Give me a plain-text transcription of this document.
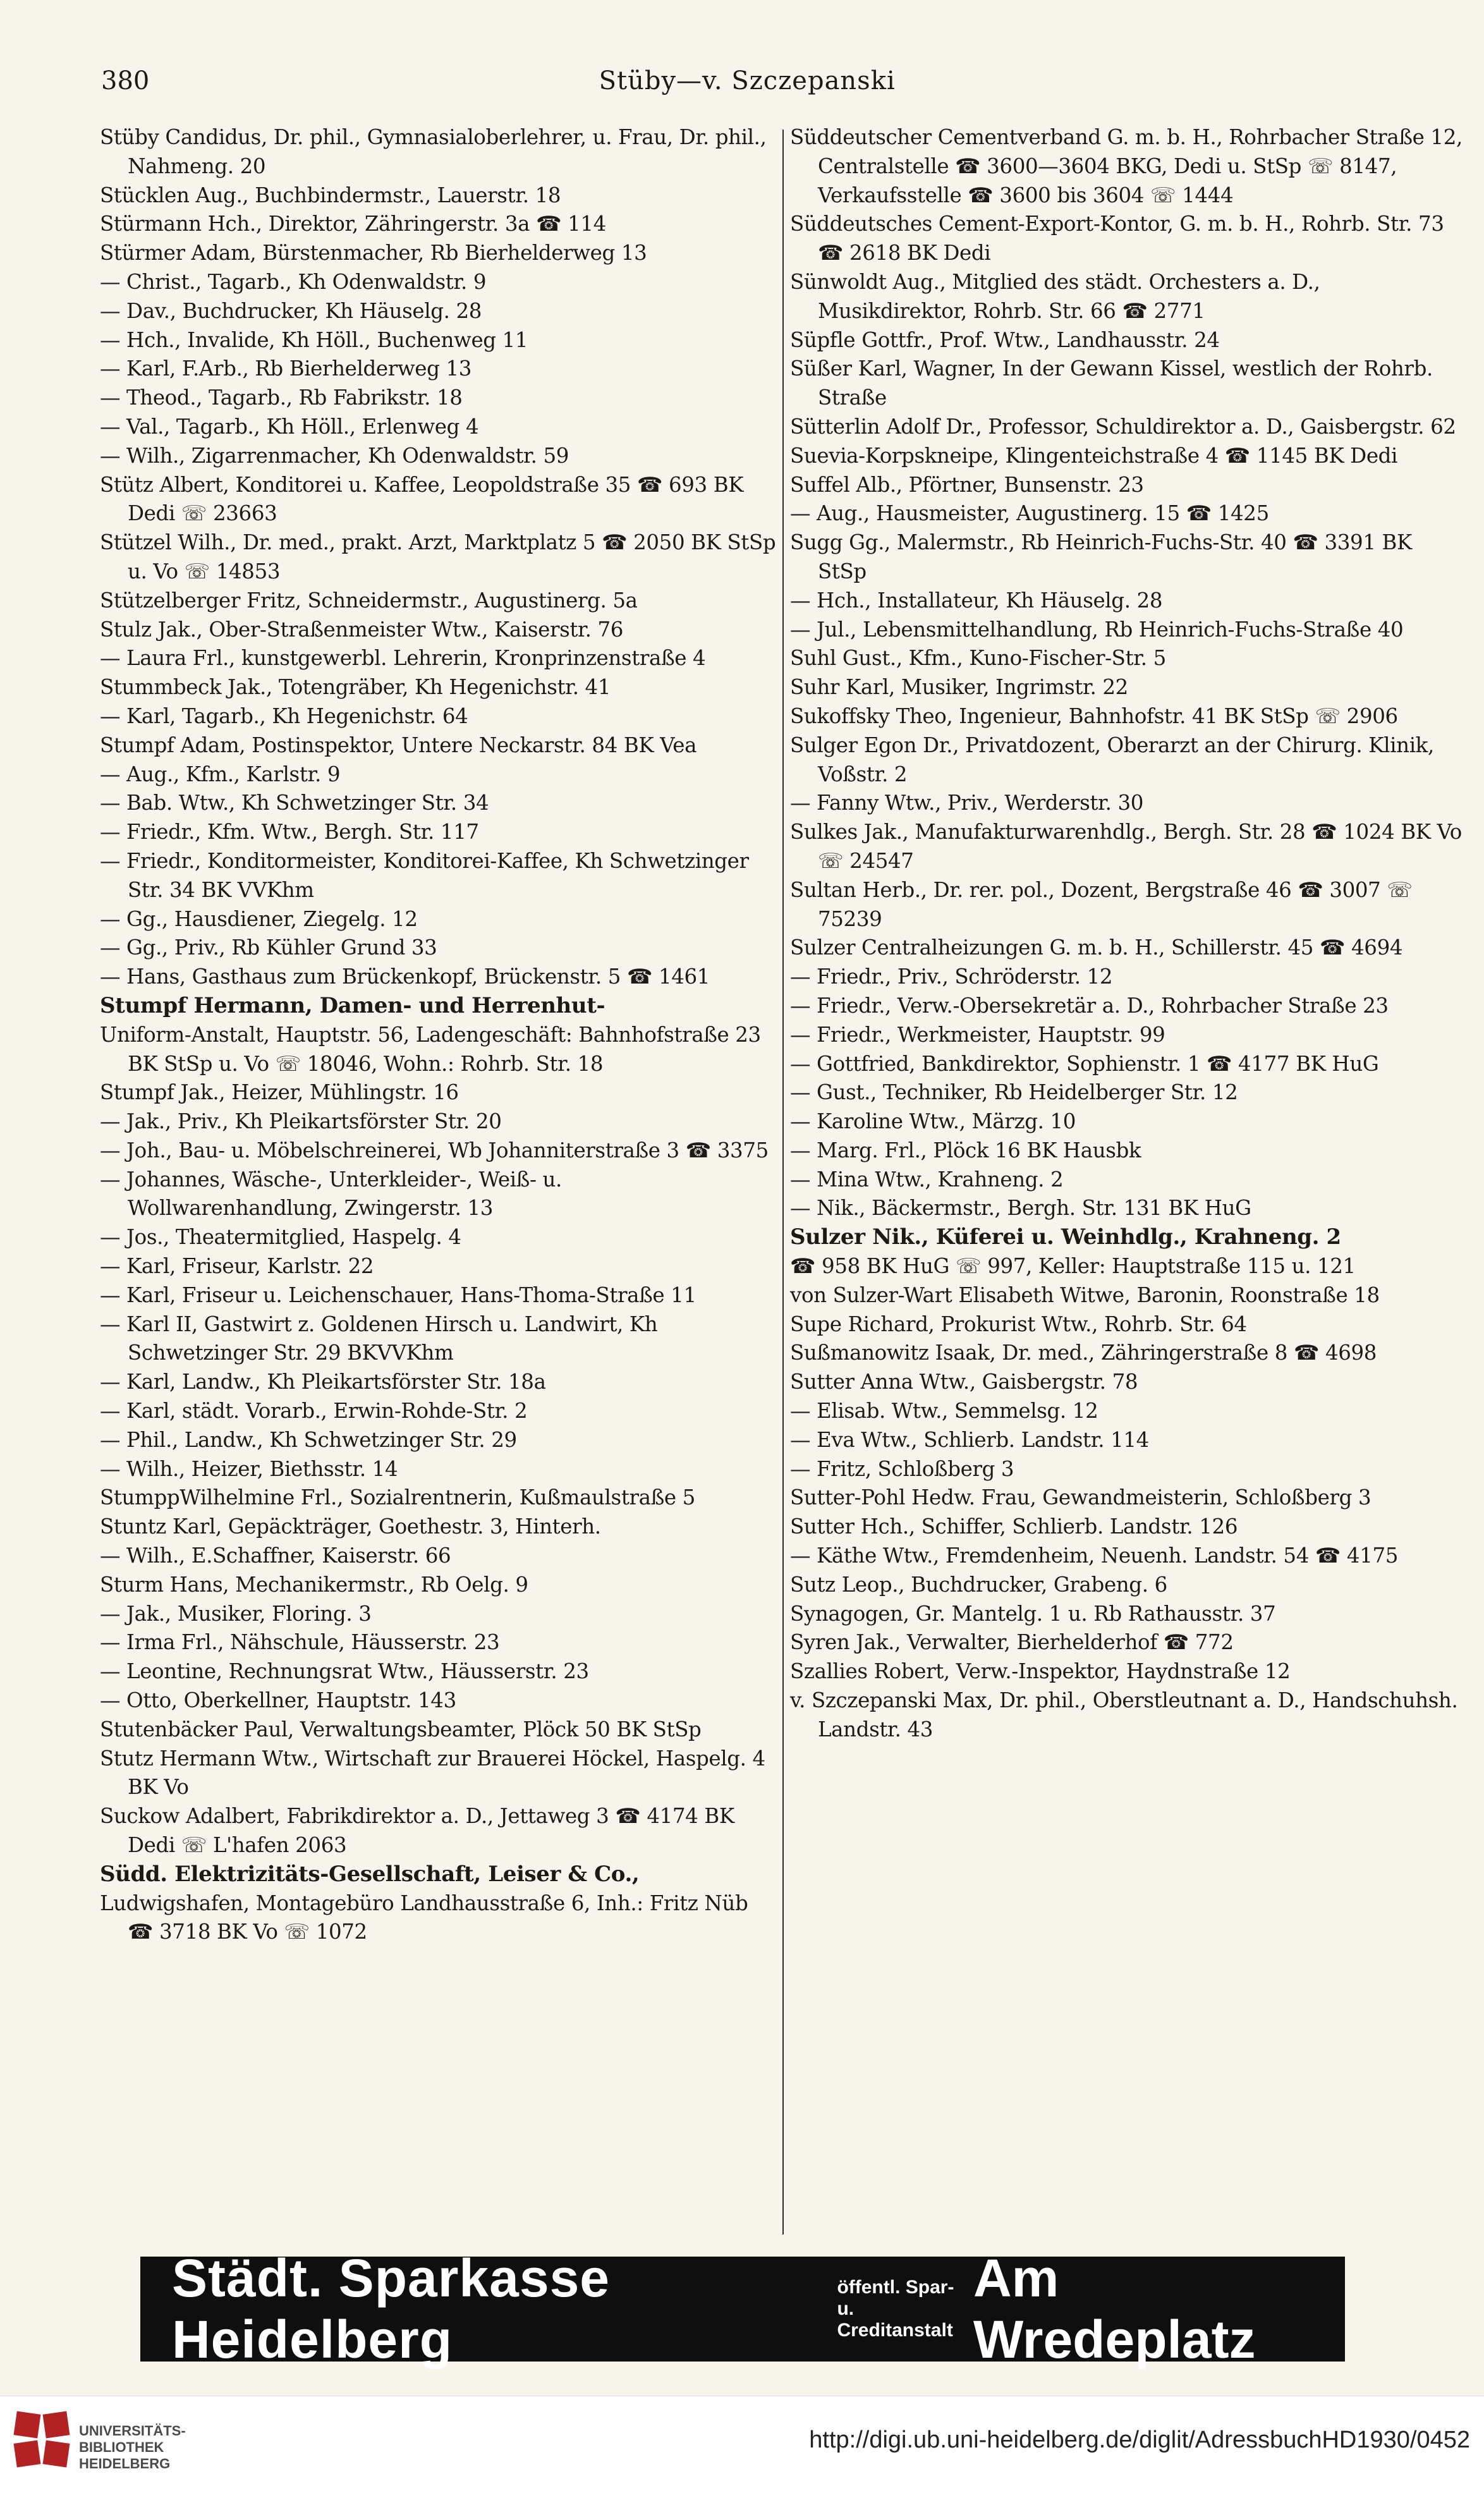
380	Stüby—v. Szczepanski

Stüby Candidus, Dr. phil., Gymnasialoberlehrer, u. Frau, Dr. phil., Nahmeng. 20

Stücklen Aug., Buchbindermstr., Lauerstr. 18

Stürmann Hch., Direktor, Zähringerstr. 3a ☎ 114

Stürmer Adam, Bürstenmacher, Rb Bierhelderweg 13

— Christ., Tagarb., Kh Odenwaldstr. 9

— Dav., Buchdrucker, Kh Häuselg. 28

— Hch., Invalide, Kh Höll., Buchenweg 11

— Karl, F.Arb., Rb Bierhelderweg 13

— Theod., Tagarb., Rb Fabrikstr. 18

— Val., Tagarb., Kh Höll., Erlenweg 4

— Wilh., Zigarrenmacher, Kh Odenwaldstr. 59

Stütz Albert, Konditorei u. Kaffee, Leopoldstraße 35 ☎ 693 BK Dedi ☏ 23663

Stützel Wilh., Dr. med., prakt. Arzt, Marktplatz 5 ☎ 2050 BK StSp u. Vo ☏ 14853

Stützelberger Fritz, Schneidermstr., Augustinerg. 5a

Stulz Jak., Ober-Straßenmeister Wtw., Kaiserstr. 76

— Laura Frl., kunstgewerbl. Lehrerin, Kronprinzenstraße 4

Stummbeck Jak., Totengräber, Kh Hegenichstr. 41

— Karl, Tagarb., Kh Hegenichstr. 64

Stumpf Adam, Postinspektor, Untere Neckarstr. 84 BK Vea

— Aug., Kfm., Karlstr. 9

— Bab. Wtw., Kh Schwetzinger Str. 34

— Friedr., Kfm. Wtw., Bergh. Str. 117

— Friedr., Konditormeister, Konditorei-Kaffee, Kh Schwetzinger Str. 34 BK VVKhm

— Gg., Hausdiener, Ziegelg. 12

— Gg., Priv., Rb Kühler Grund 33

— Hans, Gasthaus zum Brückenkopf, Brückenstr. 5 ☎ 1461

Stumpf Hermann, Damen- und Herrenhut-

Uniform-Anstalt, Hauptstr. 56, Ladengeschäft: Bahnhofstraße 23 BK StSp u. Vo ☏ 18046, Wohn.: Rohrb. Str. 18

Stumpf Jak., Heizer, Mühlingstr. 16

— Jak., Priv., Kh Pleikartsförster Str. 20

— Joh., Bau- u. Möbelschreinerei, Wb Johanniterstraße 3 ☎ 3375

— Johannes, Wäsche-, Unterkleider-, Weiß- u. Wollwarenhandlung, Zwingerstr. 13

— Jos., Theatermitglied, Haspelg. 4

— Karl, Friseur, Karlstr. 22

— Karl, Friseur u. Leichenschauer, Hans-Thoma-Straße 11

— Karl II, Gastwirt z. Goldenen Hirsch u. Landwirt, Kh Schwetzinger Str. 29 BKVVKhm

— Karl, Landw., Kh Pleikartsförster Str. 18a

— Karl, städt. Vorarb., Erwin-Rohde-Str. 2

— Phil., Landw., Kh Schwetzinger Str. 29

— Wilh., Heizer, Biethsstr. 14

StumppWilhelmine Frl., Sozialrentnerin, Kußmaulstraße 5

Stuntz Karl, Gepäckträger, Goethestr. 3, Hinterh.

— Wilh., E.Schaffner, Kaiserstr. 66

Sturm Hans, Mechanikermstr., Rb Oelg. 9

— Jak., Musiker, Floring. 3

— Irma Frl., Nähschule, Häusserstr. 23

— Leontine, Rechnungsrat Wtw., Häusserstr. 23

— Otto, Oberkellner, Hauptstr. 143

Stutenbäcker Paul, Verwaltungsbeamter, Plöck 50 BK StSp

Stutz Hermann Wtw., Wirtschaft zur Brauerei Höckel, Haspelg. 4 BK Vo

Suckow Adalbert, Fabrikdirektor a. D., Jettaweg 3 ☎ 4174 BK Dedi ☏ L'hafen 2063

Südd. Elektrizitäts-Gesellschaft, Leiser & Co.,

Ludwigshafen, Montagebüro Landhausstraße 6, Inh.: Fritz Nüb ☎ 3718 BK Vo ☏ 1072

Süddeutscher Cementverband G. m. b. H., Rohrbacher Straße 12, Centralstelle ☎ 3600—3604 BKG, Dedi u. StSp ☏ 8147, Verkaufsstelle ☎ 3600 bis 3604 ☏ 1444

Süddeutsches Cement-Export-Kontor, G. m. b. H., Rohrb. Str. 73 ☎ 2618 BK Dedi

Sünwoldt Aug., Mitglied des städt. Orchesters a. D., Musikdirektor, Rohrb. Str. 66 ☎ 2771

Süpfle Gottfr., Prof. Wtw., Landhausstr. 24

Süßer Karl, Wagner, In der Gewann Kissel, westlich der Rohrb. Straße

Sütterlin Adolf Dr., Professor, Schuldirektor a. D., Gaisbergstr. 62

Suevia-Korpskneipe, Klingenteichstraße 4 ☎ 1145 BK Dedi

Suffel Alb., Pförtner, Bunsenstr. 23

— Aug., Hausmeister, Augustinerg. 15 ☎ 1425

Sugg Gg., Malermstr., Rb Heinrich-Fuchs-Str. 40 ☎ 3391 BK StSp

— Hch., Installateur, Kh Häuselg. 28

— Jul., Lebensmittelhandlung, Rb Heinrich-Fuchs-Straße 40

Suhl Gust., Kfm., Kuno-Fischer-Str. 5

Suhr Karl, Musiker, Ingrimstr. 22

Sukoffsky Theo, Ingenieur, Bahnhofstr. 41 BK StSp ☏ 2906

Sulger Egon Dr., Privatdozent, Oberarzt an der Chirurg. Klinik, Voßstr. 2

— Fanny Wtw., Priv., Werderstr. 30

Sulkes Jak., Manufakturwarenhdlg., Bergh. Str. 28 ☎ 1024 BK Vo ☏ 24547

Sultan Herb., Dr. rer. pol., Dozent, Bergstraße 46 ☎ 3007 ☏ 75239

Sulzer Centralheizungen G. m. b. H., Schillerstr. 45 ☎ 4694

— Friedr., Priv., Schröderstr. 12

— Friedr., Verw.-Obersekretär a. D., Rohrbacher Straße 23

— Friedr., Werkmeister, Hauptstr. 99

— Gottfried, Bankdirektor, Sophienstr. 1 ☎ 4177 BK HuG

— Gust., Techniker, Rb Heidelberger Str. 12

— Karoline Wtw., Märzg. 10

— Marg. Frl., Plöck 16 BK Hausbk

— Mina Wtw., Krahneng. 2

— Nik., Bäckermstr., Bergh. Str. 131 BK HuG

Sulzer Nik., Küferei u. Weinhdlg., Krahneng. 2

☎ 958 BK HuG ☏ 997, Keller: Hauptstraße 115 u. 121

von Sulzer-Wart Elisabeth Witwe, Baronin, Roonstraße 18

Supe Richard, Prokurist Wtw., Rohrb. Str. 64

Sußmanowitz Isaak, Dr. med., Zähringerstraße 8 ☎ 4698

Sutter Anna Wtw., Gaisbergstr. 78

— Elisab. Wtw., Semmelsg. 12

— Eva Wtw., Schlierb. Landstr. 114

— Fritz, Schloßberg 3

Sutter-Pohl Hedw. Frau, Gewandmeisterin, Schloßberg 3

Sutter Hch., Schiffer, Schlierb. Landstr. 126

— Käthe Wtw., Fremdenheim, Neuenh. Landstr. 54 ☎ 4175

Sutz Leop., Buchdrucker, Grabeng. 6

Synagogen, Gr. Mantelg. 1 u. Rb Rathausstr. 37

Syren Jak., Verwalter, Bierhelderhof ☎ 772

Szallies Robert, Verw.-Inspektor, Haydnstraße 12

v. Szczepanski Max, Dr. phil., Oberstleutnant a. D., Handschuhsh. Landstr. 43

Städt. Sparkasse Heidelberg
öffentl. Spar- u.
Creditanstalt
Am Wredeplatz
UNIVERSITÄTS-
BIBLIOTHEK
HEIDELBERG
http://digi.ub.uni-heidelberg.de/diglit/AdressbuchHD1930/0452
